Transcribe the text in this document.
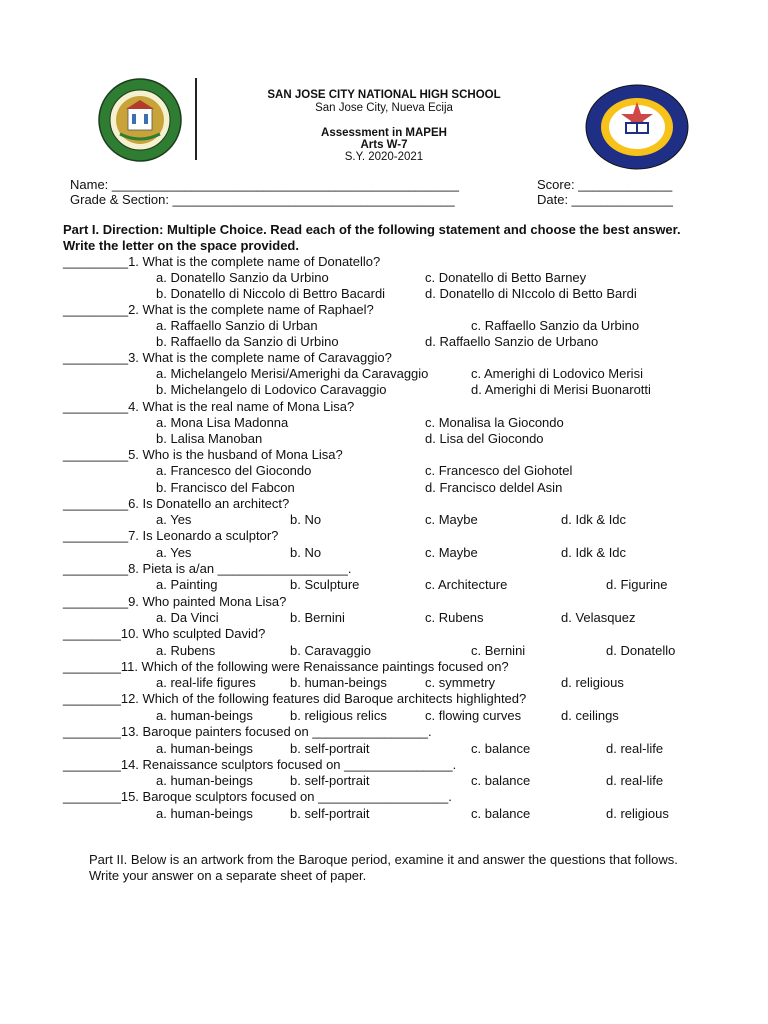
SAN JOSE CITY NATIONAL HIGH SCHOOL
San Jose City, Nueva Ecija
Assessment in MAPEH
Arts W-7
S.Y. 2020-2021
Name: ________________________________________________	Score: _____________
Grade & Section: _______________________________________	Date: ______________
Part I. Direction: Multiple Choice. Read each of the following statement and choose the best answer. Write the letter on the space provided.
_________1. What is the complete name of Donatello?
a. Donatello Sanzio da Urbino	c. Donatello di Betto Barney
b. Donatello di Niccolo di Bettro Bacardi	d. Donatello di NIccolo di Betto Bardi
_________2. What is the complete name of Raphael?
a. Raffaello Sanzio di Urban	c. Raffaello Sanzio da Urbino
b. Raffaello da Sanzio di Urbino	d. Raffaello Sanzio de Urbano
_________3. What is the complete name of Caravaggio?
a. Michelangelo Merisi/Amerighi da Caravaggio	c. Amerighi di Lodovico Merisi
b. Michelangelo di Lodovico Caravaggio	d. Amerighi di Merisi Buonarotti
_________4. What is the real name of Mona Lisa?
a. Mona Lisa Madonna	c. Monalisa la Giocondo
b. Lalisa Manoban	d. Lisa del Giocondo
_________5. Who is the husband of Mona Lisa?
a. Francesco del Giocondo	c. Francesco del Giohotel
b. Francisco del Fabcon	d. Francisco deldel Asin
_________6. Is Donatello an architect?
a. Yes	b. No	c. Maybe	d. Idk & Idc
_________7. Is Leonardo a sculptor?
a. Yes	b. No	c. Maybe	d. Idk & Idc
_________8. Pieta is a/an __________________.
a. Painting	b. Sculpture	c. Architecture	d. Figurine
_________9. Who painted Mona Lisa?
a. Da Vinci	b. Bernini	c. Rubens	d. Velasquez
________10. Who sculpted David?
a. Rubens	b. Caravaggio	c. Bernini	d. Donatello
________11. Which of the following were Renaissance paintings focused on?
a. real-life figures	b. human-beings	c. symmetry	d. religious
________12. Which of the following features did Baroque architects highlighted?
a. human-beings	b. religious relics	c. flowing curves	d. ceilings
________13. Baroque painters focused on ________________.
a. human-beings	b. self-portrait	c. balance	d. real-life
________14. Renaissance sculptors focused on _______________.
a. human-beings	b. self-portrait	c. balance	d. real-life
________15. Baroque sculptors focused on __________________.
a. human-beings	b. self-portrait	c. balance	d. religious
Part II. Below is an artwork from the Baroque period, examine it and answer the questions that follows. Write your answer on a separate sheet of paper.
